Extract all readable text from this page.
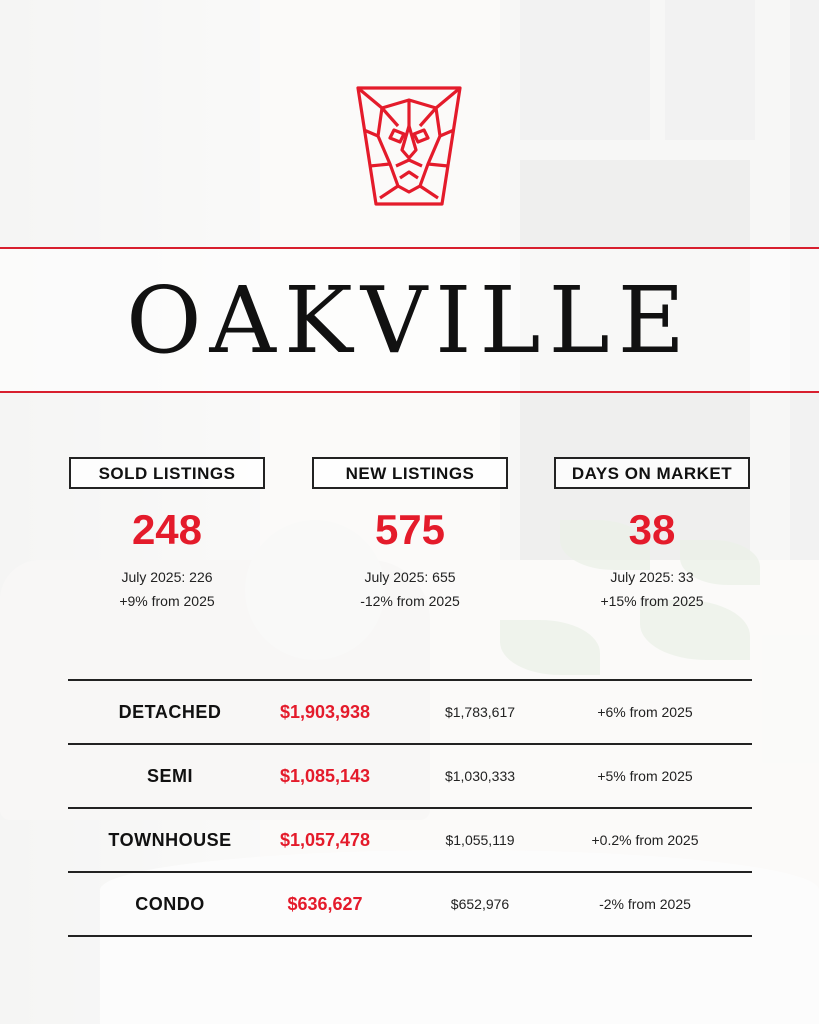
OAKVILLE
SOLD LISTINGS
248
July 2025: 226
+9% from 2025
NEW LISTINGS
575
July 2025: 655
-12% from 2025
DAYS ON MARKET
38
July 2025: 33
+15% from 2025
DETACHED	$1,903,938	$1,783,617	+6% from 2025
SEMI	$1,085,143	$1,030,333	+5% from 2025
TOWNHOUSE	$1,057,478	$1,055,119	+0.2% from 2025
CONDO	$636,627	$652,976	-2% from 2025
